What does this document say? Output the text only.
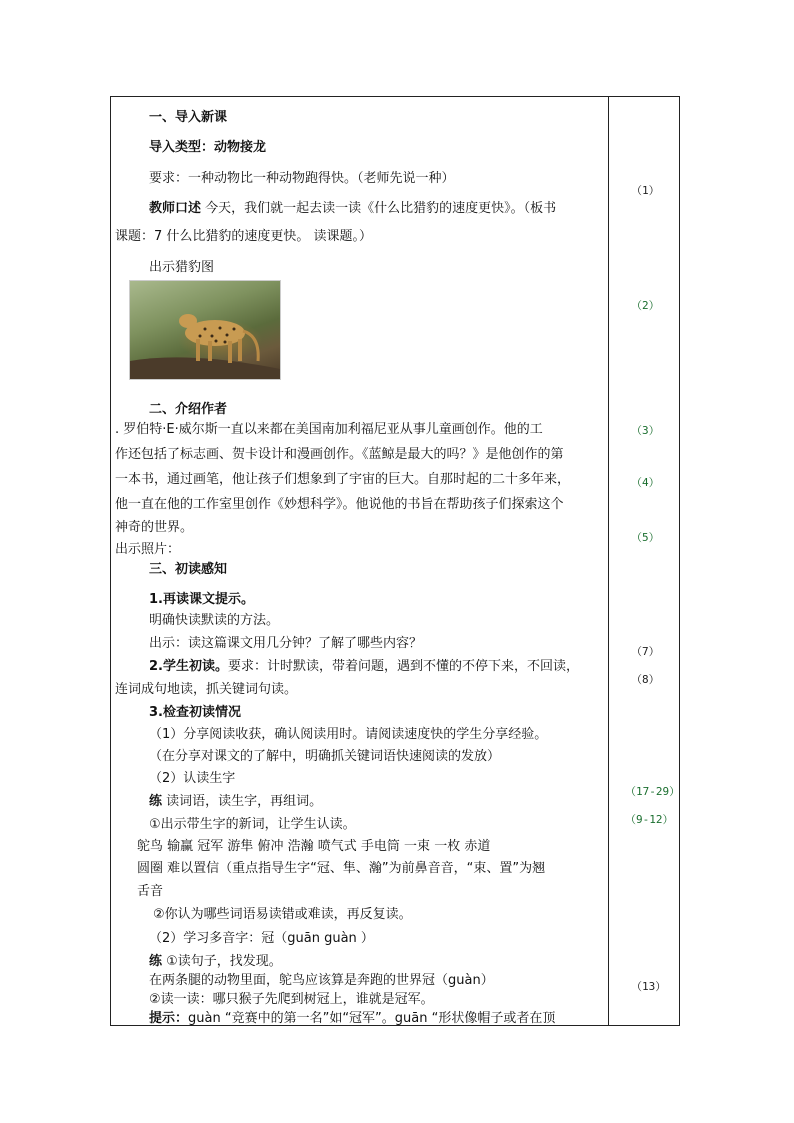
一、导入新课
导入类型：动物接龙
要求：一种动物比一种动物跑得快。（老师先说一种）
教师口述 今天，我们就一起去读一读《什么比猎豹的速度更快》。（板书
课题：7 什么比猎豹的速度更快。 读课题。）
出示猎豹图
二、介绍作者
. 罗伯特·E·威尔斯一直以来都在美国南加利福尼亚从事儿童画创作。他的工
作还包括了标志画、贺卡设计和漫画创作。《蓝鲸是最大的吗？》是他创作的第
一本书，通过画笔，他让孩子们想象到了宇宙的巨大。自那时起的二十多年来，
他一直在他的工作室里创作《妙想科学》。他说他的书旨在帮助孩子们探索这个
神奇的世界。
出示照片：
三、初读感知
1.再读课文提示。
明确快读默读的方法。
出示：读这篇课文用几分钟？了解了哪些内容？
2.学生初读。要求：计时默读，带着问题，遇到不懂的不停下来，不回读，
连词成句地读，抓关键词句读。
3.检查初读情况
（1）分享阅读收获，确认阅读用时。请阅读速度快的学生分享经验。
（在分享对课文的了解中，明确抓关键词语快速阅读的发放）
（2）认读生字
练 读词语，读生字，再组词。
①出示带生字的新词，让学生认读。
鸵鸟 输赢 冠军 游隼 俯冲 浩瀚 喷气式 手电筒 一束 一枚 赤道
圆圈 难以置信（重点指导生字“冠、隼、瀚”为前鼻音音，“束、置”为翘
舌音
②你认为哪些词语易读错或难读，再反复读。
（2）学习多音字：冠（guān guàn ）
练 ①读句子，找发现。
在两条腿的动物里面，鸵鸟应该算是奔跑的世界冠（guàn）
②读一读：哪只猴子先爬到树冠上，谁就是冠军。
提示：guàn “竞赛中的第一名”如“冠军”。guān “形状像帽子或者在顶
（1）
（2）
（3）
（4）
（5）
（7）
（8）
（17-29）
（9-12）
（13）
